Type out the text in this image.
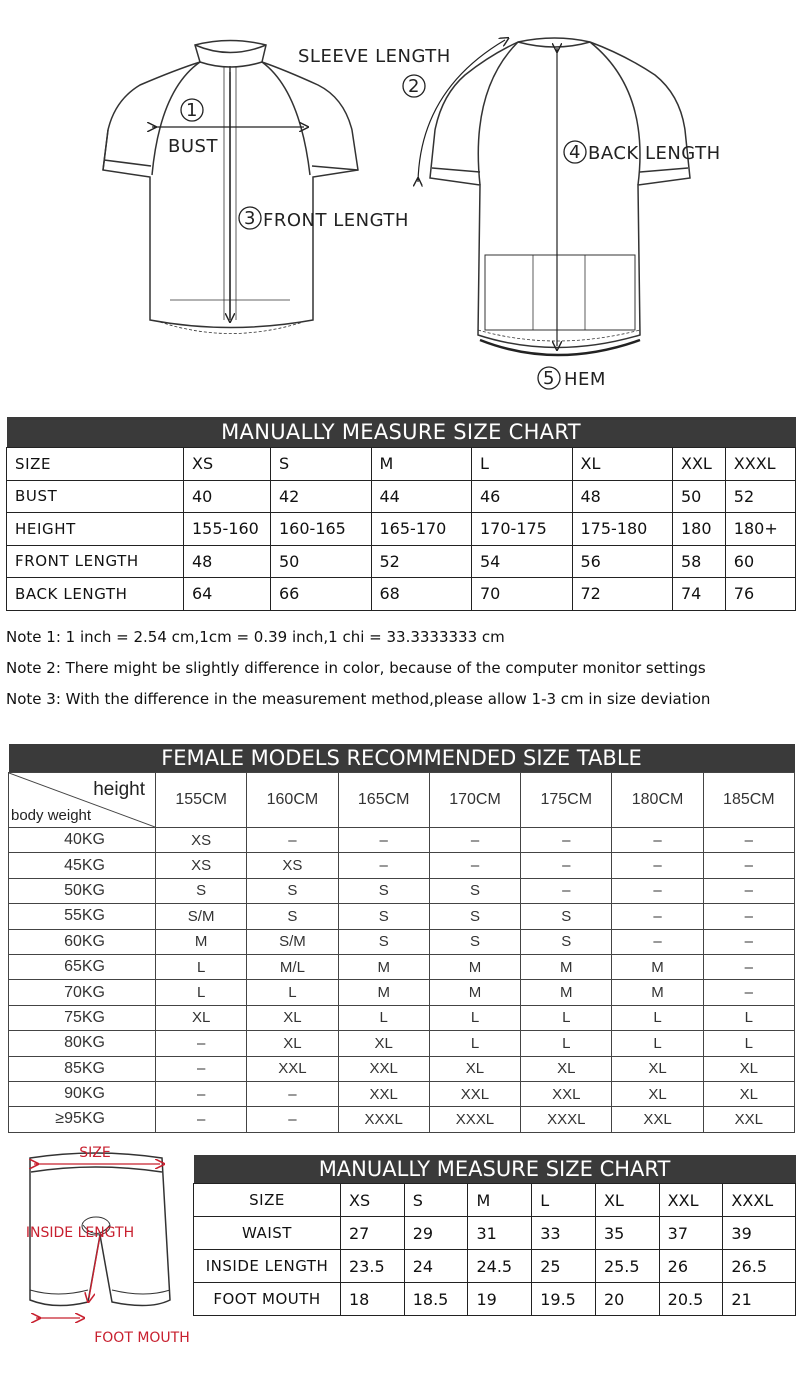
1
BUST
3 FRONT LENGTH
2
SLEEVE LENGTH
4 BACK LENGTH
5 HEM
MANUALLY MEASURE SIZE CHART							
SIZE	XS	S	M	L	XL	XXL	XXXL
BUST	40	42	44	46	48	50	52
HEIGHT	155-160	160-165	165-170	170-175	175-180	180	180+
FRONT LENGTH	48	50	52	54	56	58	60
BACK LENGTH	64	66	68	70	72	74	76
Note 1: 1 inch = 2.54 cm,1cm = 0.39 inch,1 chi = 33.3333333 cm
Note 2: There might be slightly difference in color, because of the computer monitor settings
Note 3: With the difference in the measurement method,please allow 1-3 cm in size deviation
FEMALE MODELS RECOMMENDED SIZE TABLE							

height
body weight	155CM	160CM	165CM	170CM	175CM	180CM	185CM
40KG	XS	–	–	–	–	–	–
45KG	XS	XS	–	–	–	–	–
50KG	S	S	S	S	–	–	–
55KG	S/M	S	S	S	S	–	–
60KG	M	S/M	S	S	S	–	–
65KG	L	M/L	M	M	M	M	–
70KG	L	L	M	M	M	M	–
75KG	XL	XL	L	L	L	L	L
80KG	–	XL	XL	L	L	L	L
85KG	–	XXL	XXL	XL	XL	XL	XL
90KG	–	–	XXL	XXL	XXL	XL	XL
≥95KG	–	–	XXXL	XXXL	XXXL	XXL	XXL
SIZE
INSIDE LENGTH
FOOT MOUTH
MANUALLY MEASURE SIZE CHART							
SIZE	XS	S	M	L	XL	XXL	XXXL
WAIST	27	29	31	33	35	37	39
INSIDE LENGTH	23.5	24	24.5	25	25.5	26	26.5
FOOT MOUTH	18	18.5	19	19.5	20	20.5	21
